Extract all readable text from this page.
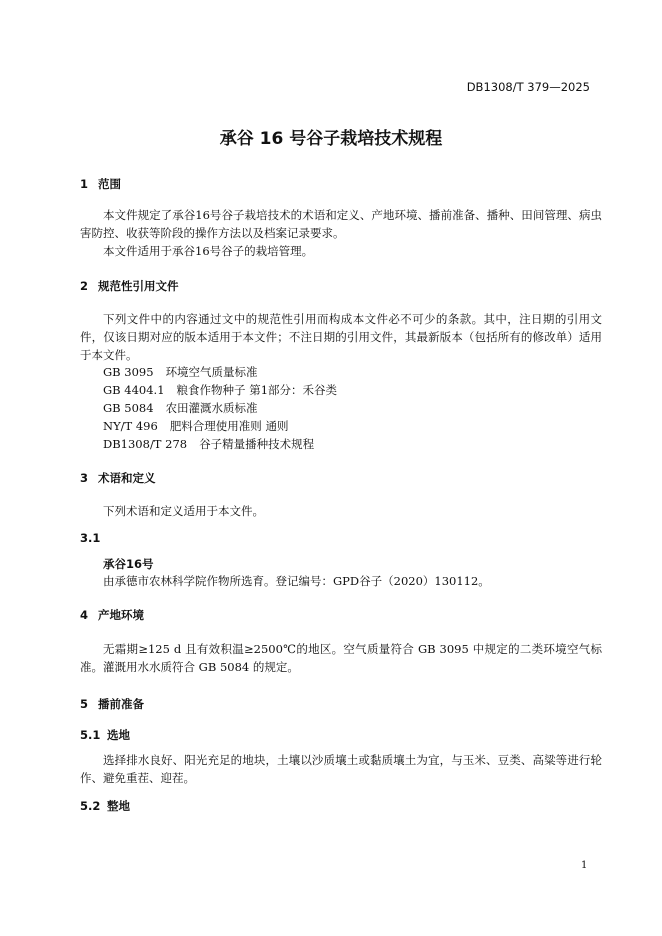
DB1308/T 379—2025
承谷 16 号谷子栽培技术规程
1 范围
本文件规定了承谷16号谷子栽培技术的术语和定义、产地环境、播前准备、播种、田间管理、病虫害防控、收获等阶段的操作方法以及档案记录要求。
本文件适用于承谷16号谷子的栽培管理。
2 规范性引用文件
下列文件中的内容通过文中的规范性引用而构成本文件必不可少的条款。其中，注日期的引用文件，仅该日期对应的版本适用于本文件；不注日期的引用文件，其最新版本（包括所有的修改单）适用于本文件。
GB 3095 环境空气质量标准
GB 4404.1 粮食作物种子 第1部分：禾谷类
GB 5084 农田灌溉水质标准
NY/T 496 肥料合理使用准则 通则
DB1308/T 278 谷子精量播种技术规程
3 术语和定义
下列术语和定义适用于本文件。
3.1
承谷16号
由承德市农林科学院作物所选育。登记编号：GPD谷子（2020）130112。
4 产地环境
无霜期≥125 d 且有效积温≥2500℃的地区。空气质量符合 GB 3095 中规定的二类环境空气标准。灌溉用水水质符合 GB 5084 的规定。
5 播前准备
5.1 选地
选择排水良好、阳光充足的地块，土壤以沙质壤土或黏质壤土为宜，与玉米、豆类、高粱等进行轮作、避免重茬、迎茬。
5.2 整地
1
